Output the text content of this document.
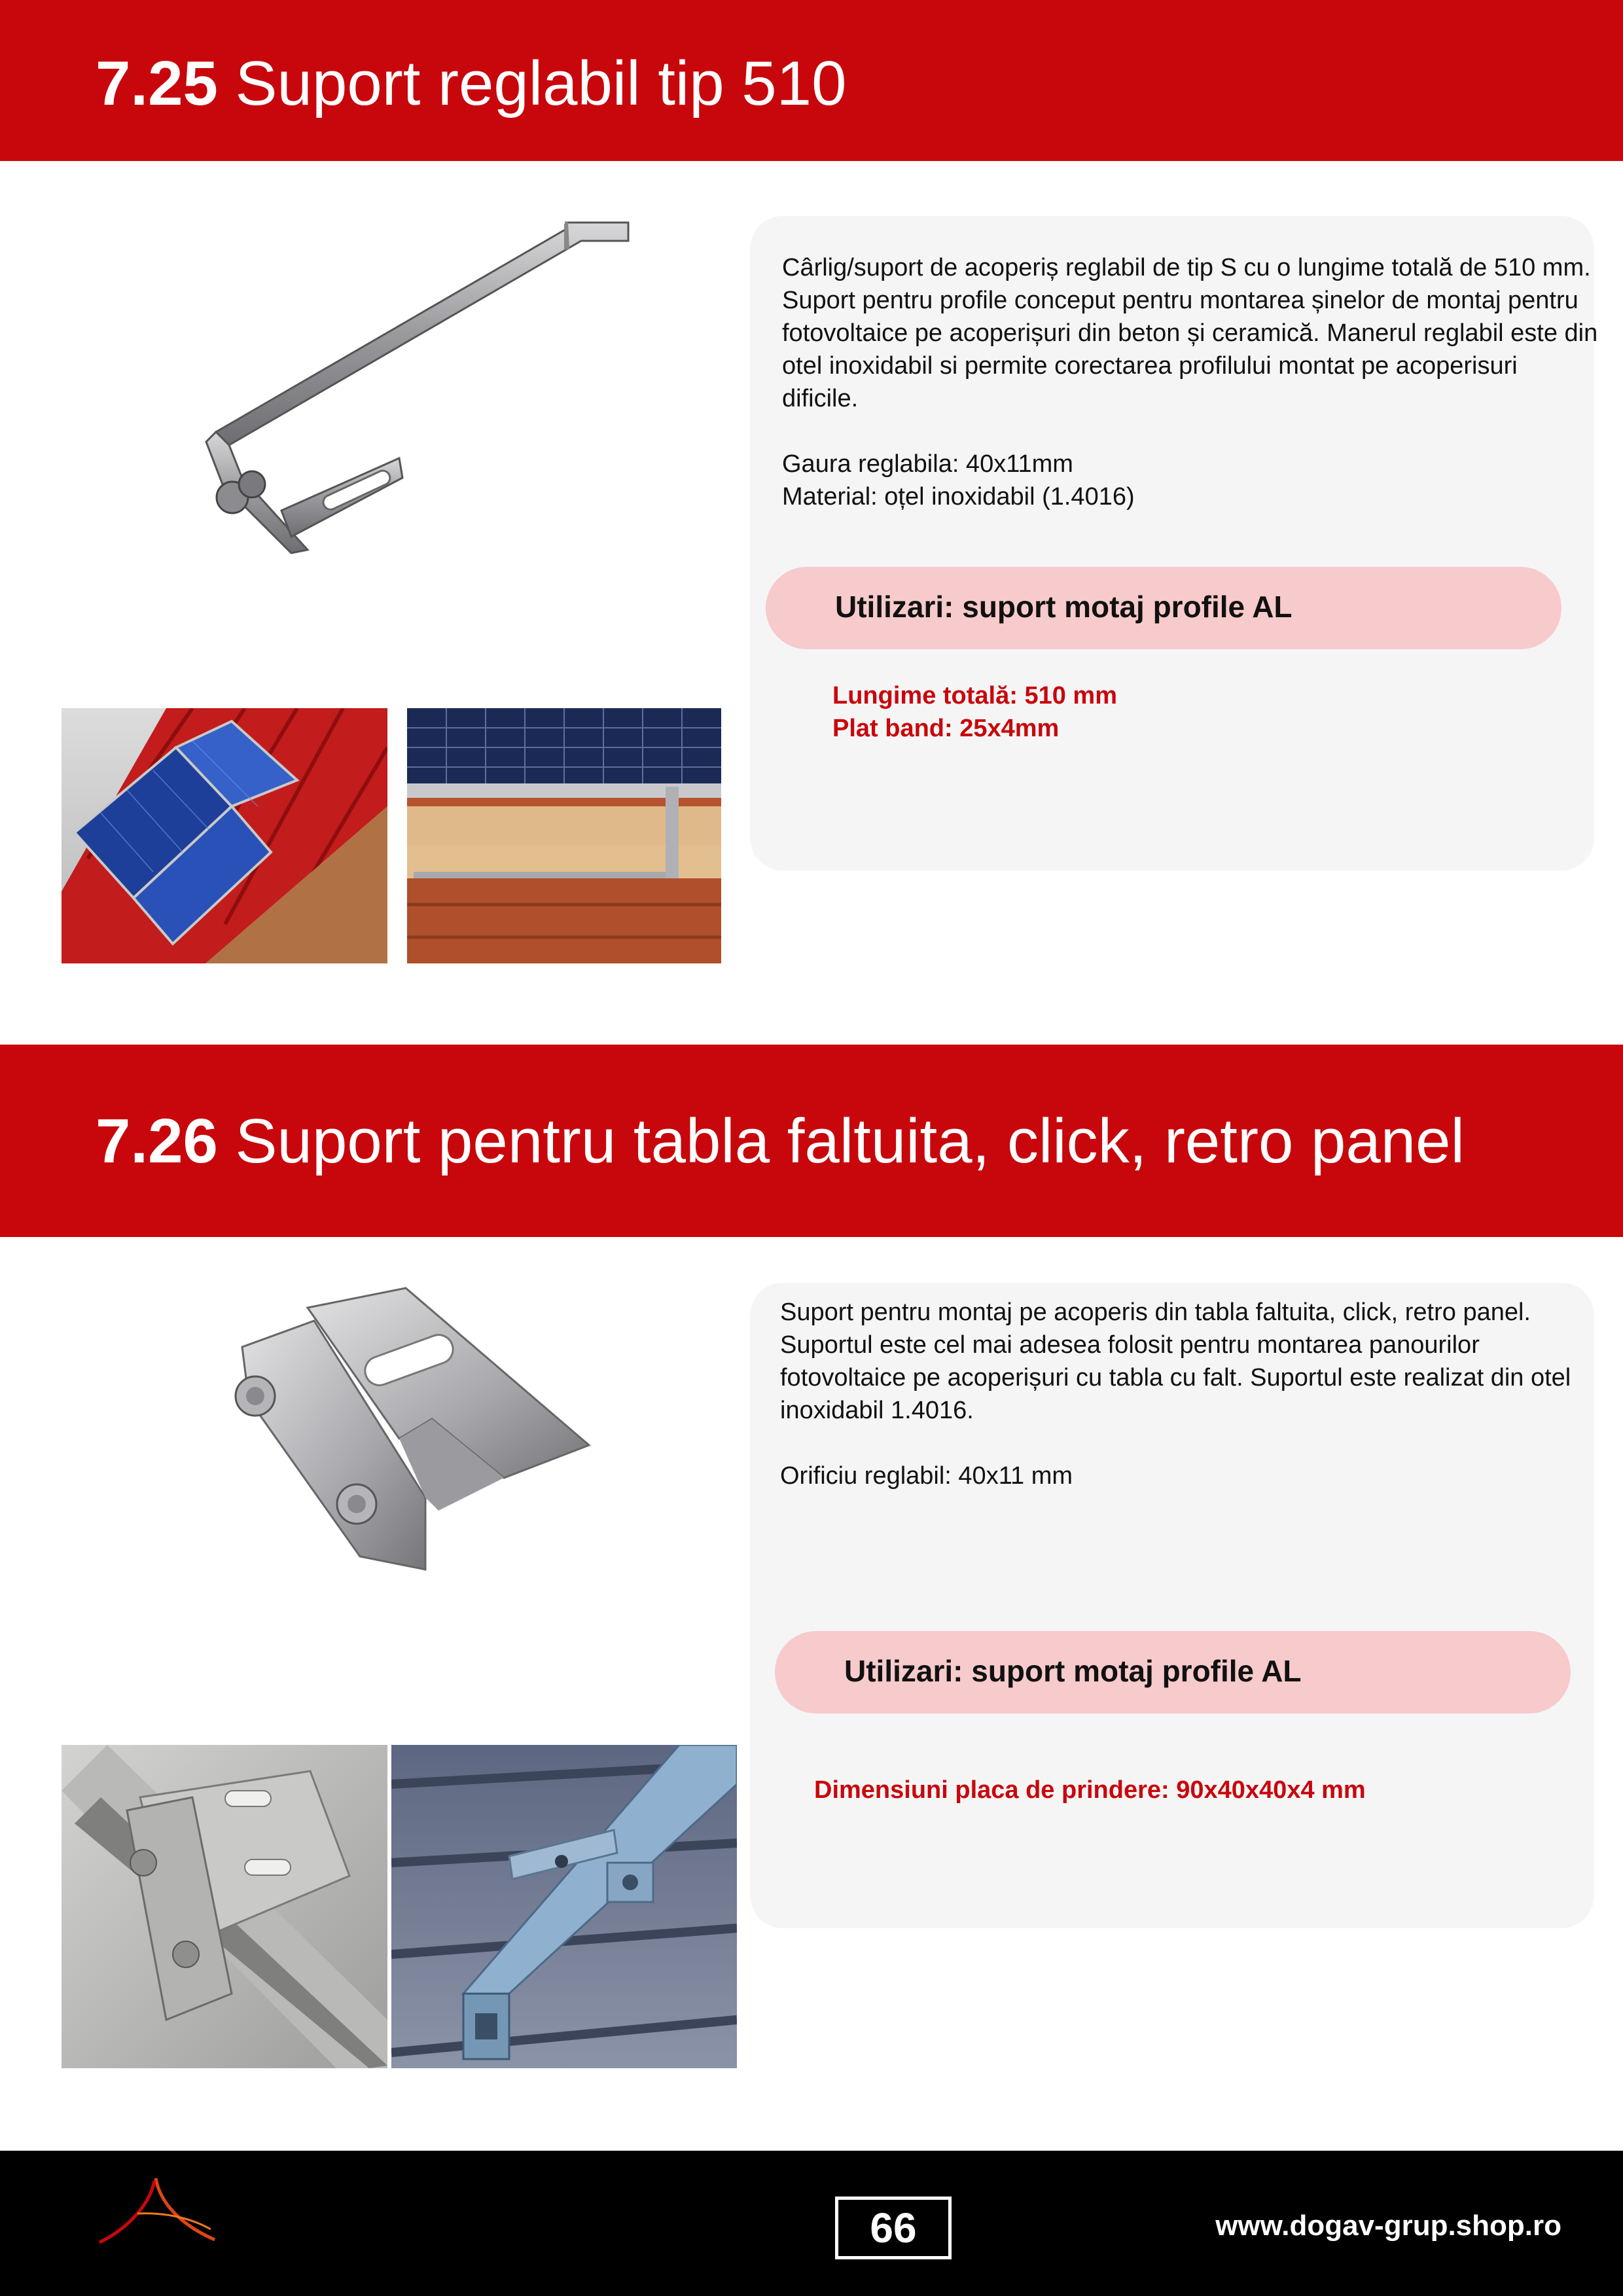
7.25 Suport reglabil tip 510

Cârlig/suport de acoperiș reglabil de tip S cu o lungime totală de 510 mm. Suport pentru profile conceput pentru montarea șinelor de montaj pentru fotovoltaice pe acoperișuri din beton și ceramică. Manerul reglabil este din otel inoxidabil si permite corectarea profilului montat pe acoperisuri dificile.

Gaura reglabila: 40x11mm
Material: oțel inoxidabil (1.4016)
Utilizari: suport motaj profile AL
Lungime totală: 510 mm
Plat band: 25x4mm
7.26 Suport pentru tabla faltuita, click, retro panel

Suport pentru montaj pe acoperis din tabla faltuita, click, retro panel. Suportul este cel mai adesea folosit pentru montarea panourilor fotovoltaice pe acoperișuri cu tabla cu falt. Suportul este realizat din otel inoxidabil 1.4016.

Orificiu reglabil: 40x11 mm
Utilizari: suport motaj profile AL
Dimensiuni placa de prindere: 90x40x40x4 mm
66	www.dogav-grup.shop.ro
